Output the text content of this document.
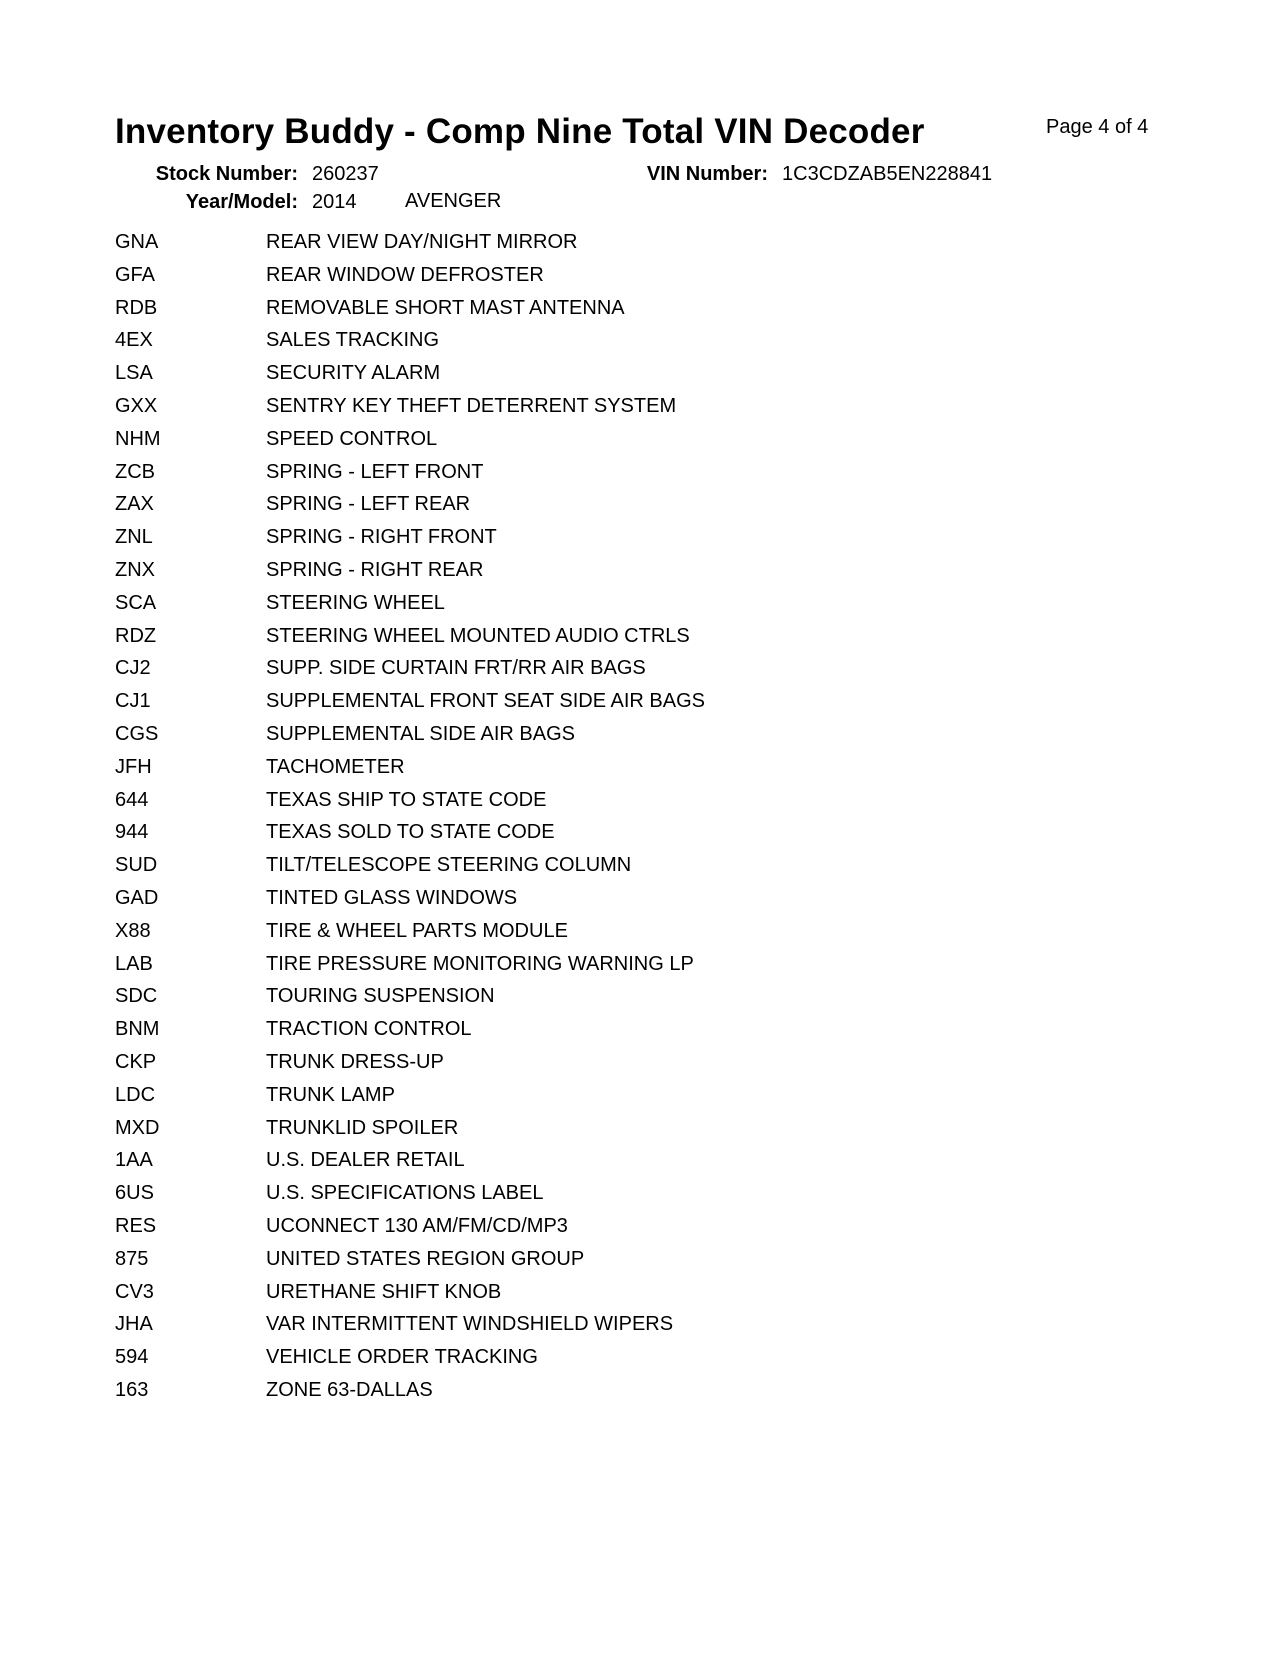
Inventory Buddy - Comp Nine Total VIN Decoder	Page 4 of 4
Stock Number: 260237	VIN Number: 1C3CDZAB5EN228841
Year/Model: 2014 AVENGER
GNA	REAR VIEW DAY/NIGHT MIRROR
GFA	REAR WINDOW DEFROSTER
RDB	REMOVABLE SHORT MAST ANTENNA
4EX	SALES TRACKING
LSA	SECURITY ALARM
GXX	SENTRY KEY THEFT DETERRENT SYSTEM
NHM	SPEED CONTROL
ZCB	SPRING - LEFT FRONT
ZAX	SPRING - LEFT REAR
ZNL	SPRING - RIGHT FRONT
ZNX	SPRING - RIGHT REAR
SCA	STEERING WHEEL
RDZ	STEERING WHEEL MOUNTED AUDIO CTRLS
CJ2	SUPP. SIDE CURTAIN FRT/RR AIR BAGS
CJ1	SUPPLEMENTAL FRONT SEAT SIDE AIR BAGS
CGS	SUPPLEMENTAL SIDE AIR BAGS
JFH	TACHOMETER
644	TEXAS SHIP TO STATE CODE
944	TEXAS SOLD TO STATE CODE
SUD	TILT/TELESCOPE STEERING COLUMN
GAD	TINTED GLASS WINDOWS
X88	TIRE & WHEEL PARTS MODULE
LAB	TIRE PRESSURE MONITORING WARNING LP
SDC	TOURING SUSPENSION
BNM	TRACTION CONTROL
CKP	TRUNK DRESS-UP
LDC	TRUNK LAMP
MXD	TRUNKLID SPOILER
1AA	U.S. DEALER RETAIL
6US	U.S. SPECIFICATIONS LABEL
RES	UCONNECT 130 AM/FM/CD/MP3
875	UNITED STATES REGION GROUP
CV3	URETHANE SHIFT KNOB
JHA	VAR INTERMITTENT WINDSHIELD WIPERS
594	VEHICLE ORDER TRACKING
163	ZONE 63-DALLAS
